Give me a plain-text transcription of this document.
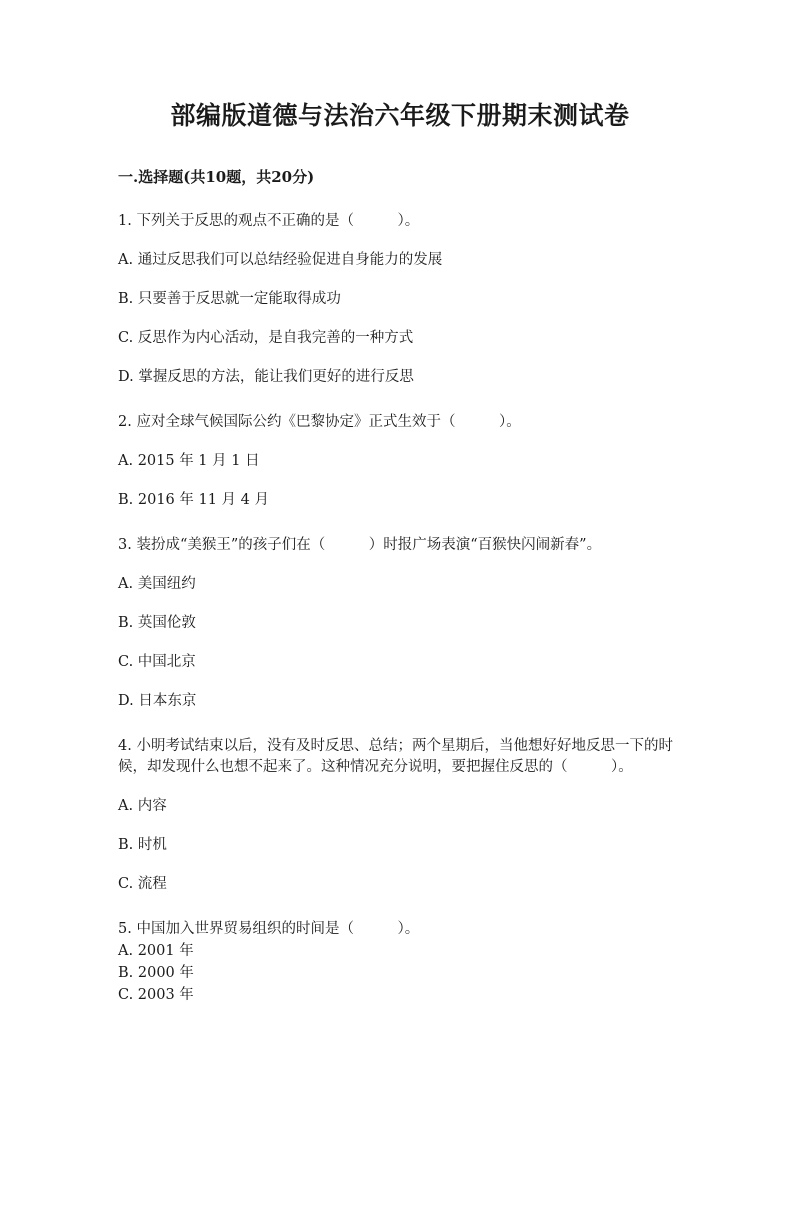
部编版道德与法治六年级下册期末测试卷
一.选择题(共10题，共20分)
1. 下列关于反思的观点不正确的是（　　　）。
A. 通过反思我们可以总结经验促进自身能力的发展
B. 只要善于反思就一定能取得成功
C. 反思作为内心活动，是自我完善的一种方式
D. 掌握反思的方法，能让我们更好的进行反思
2. 应对全球气候国际公约《巴黎协定》正式生效于（　　　）。
A. 2015 年 1 月 1 日
B. 2016 年 11 月 4 月
3. 装扮成“美猴王”的孩子们在（　　　）时报广场表演“百猴快闪闹新春”。
A. 美国纽约
B. 英国伦敦
C. 中国北京
D. 日本东京
4. 小明考试结束以后，没有及时反思、总结；两个星期后，当他想好好地反思一下的时候，却发现什么也想不起来了。这种情况充分说明，要把握住反思的（　　　）。
A. 内容
B. 时机
C. 流程
5. 中国加入世界贸易组织的时间是（　　　）。
A. 2001 年
B. 2000 年
C. 2003 年
